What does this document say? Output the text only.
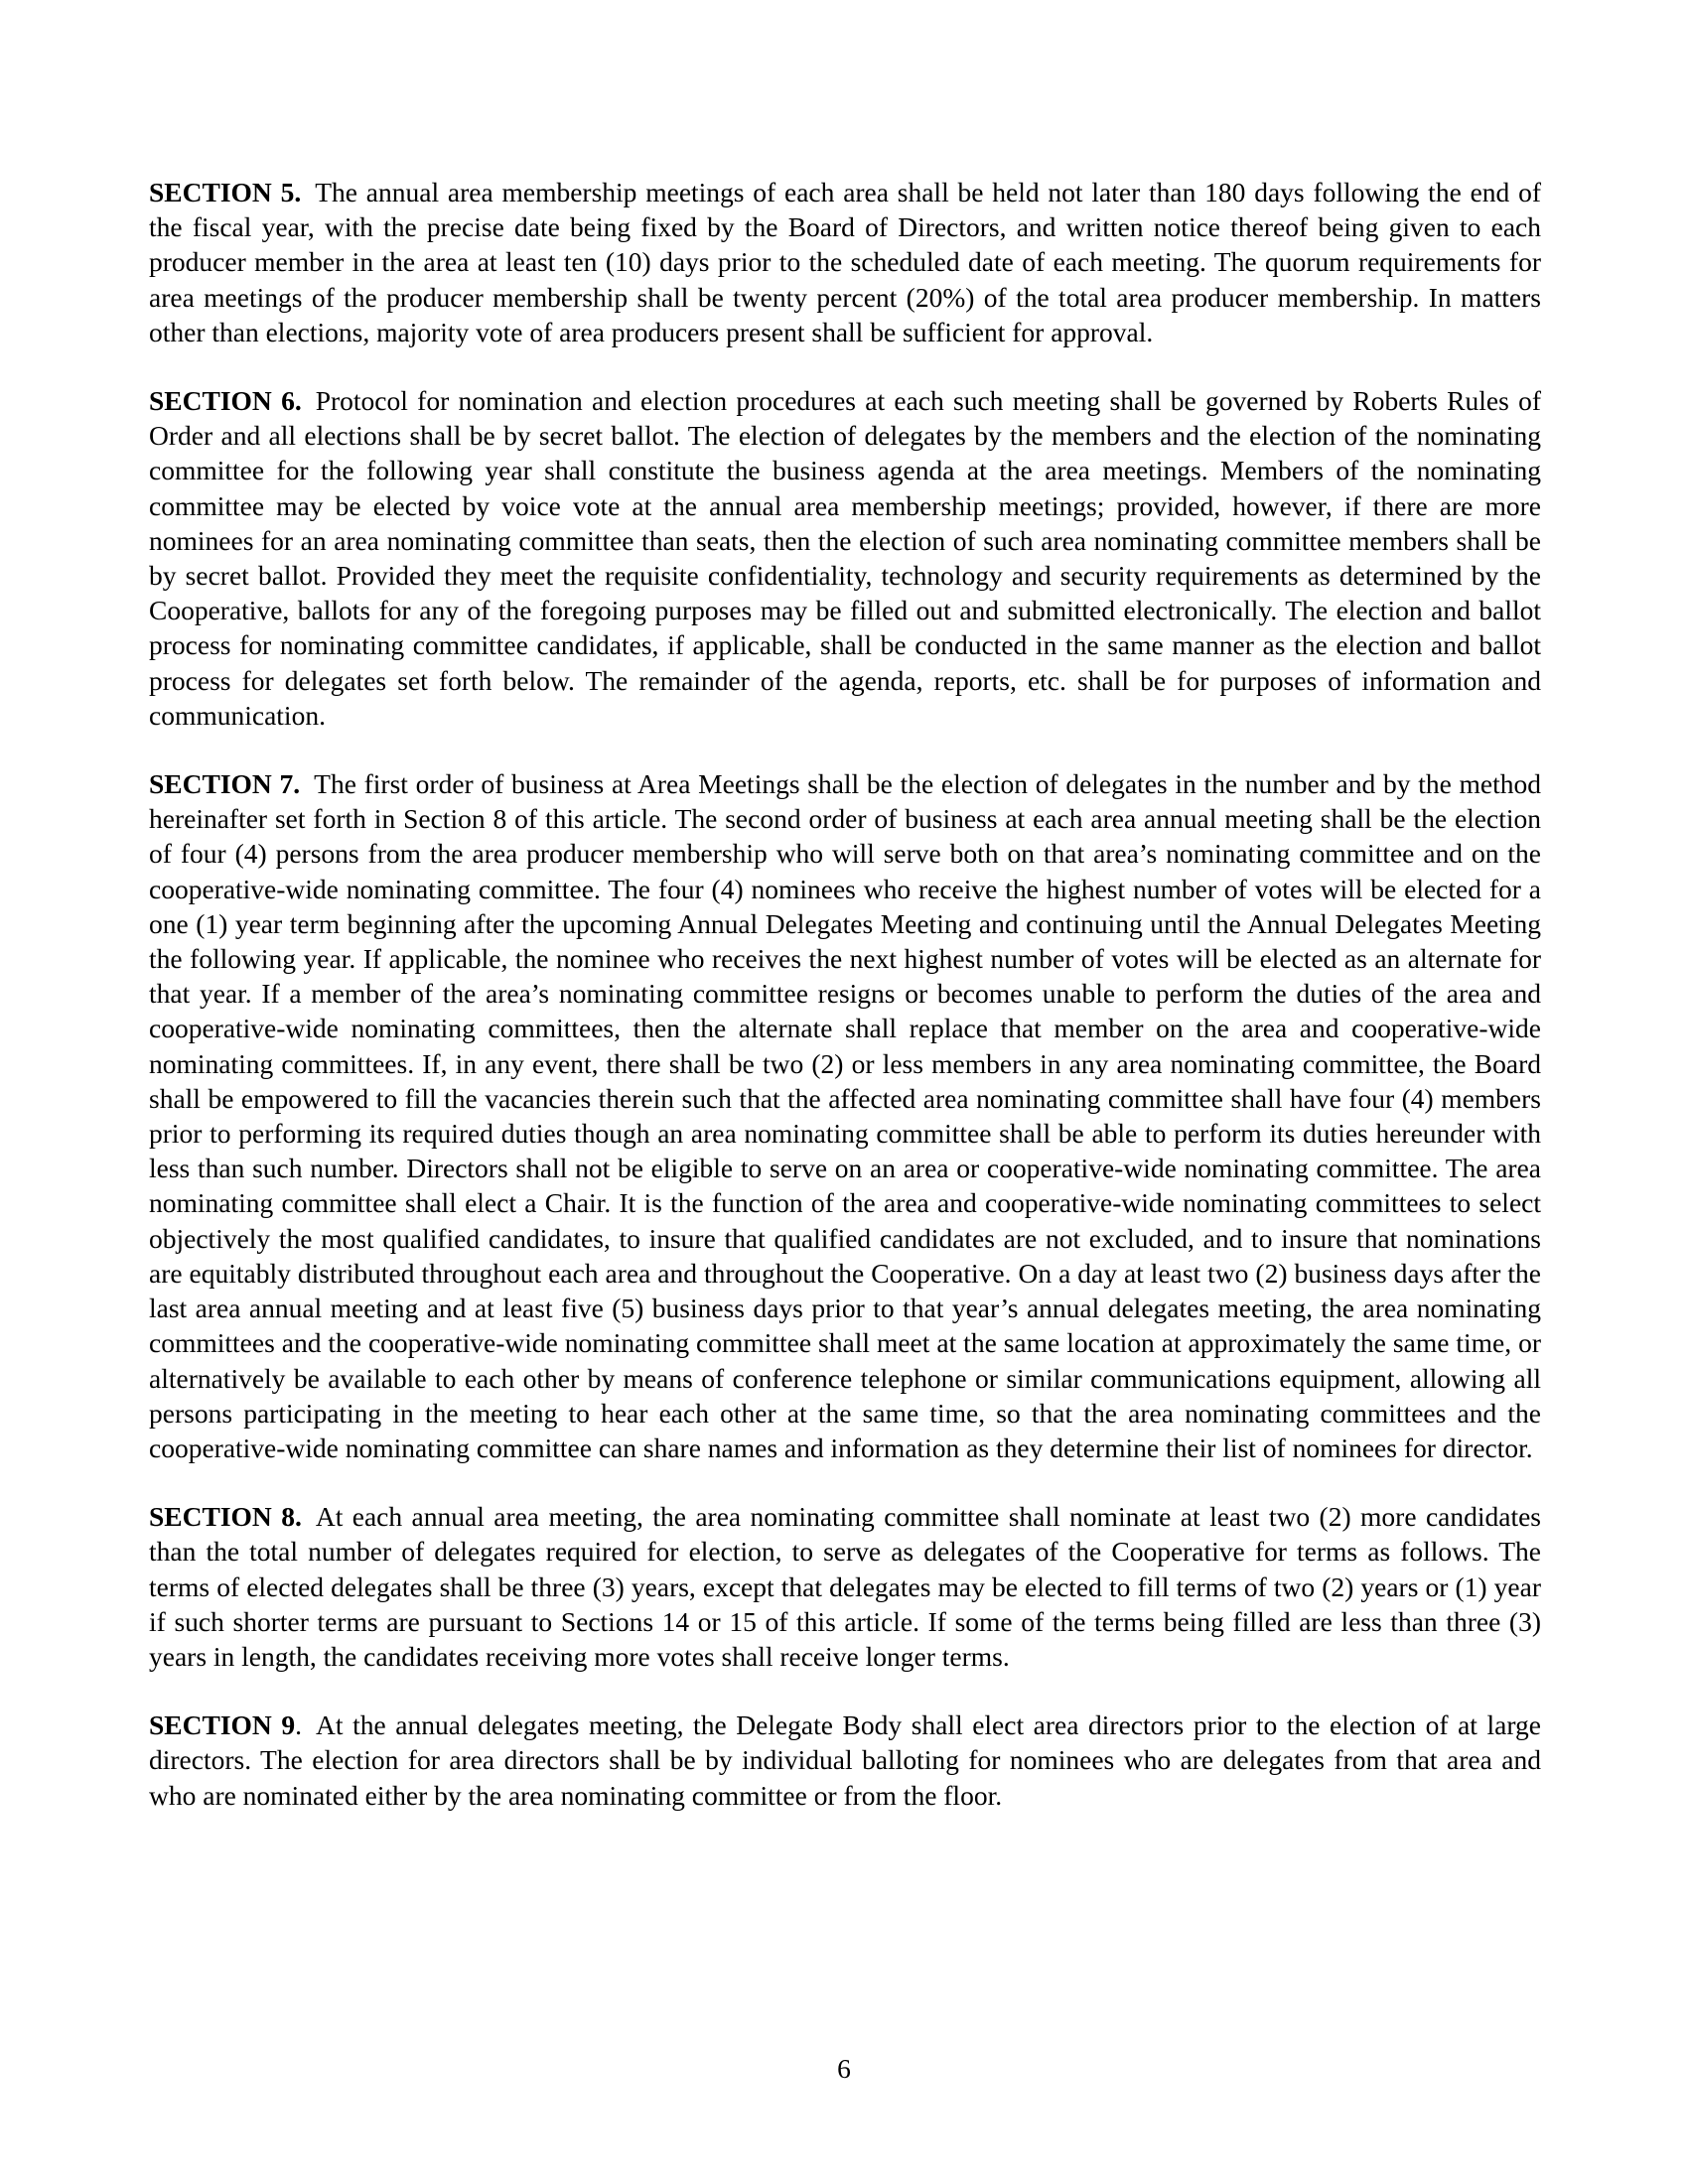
SECTION 5. The annual area membership meetings of each area shall be held not later than 180 days following the end of the fiscal year, with the precise date being fixed by the Board of Directors, and written notice thereof being given to each producer member in the area at least ten (10) days prior to the scheduled date of each meeting. The quorum requirements for area meetings of the producer membership shall be twenty percent (20%) of the total area producer membership. In matters other than elections, majority vote of area producers present shall be sufficient for approval.

SECTION 6. Protocol for nomination and election procedures at each such meeting shall be governed by Roberts Rules of Order and all elections shall be by secret ballot. The election of delegates by the members and the election of the nominating committee for the following year shall constitute the business agenda at the area meetings. Members of the nominating committee may be elected by voice vote at the annual area membership meetings; provided, however, if there are more nominees for an area nominating committee than seats, then the election of such area nominating committee members shall be by secret ballot. Provided they meet the requisite confidentiality, technology and security requirements as determined by the Cooperative, ballots for any of the foregoing purposes may be filled out and submitted electronically. The election and ballot process for nominating committee candidates, if applicable, shall be conducted in the same manner as the election and ballot process for delegates set forth below. The remainder of the agenda, reports, etc. shall be for purposes of information and communication.

SECTION 7. The first order of business at Area Meetings shall be the election of delegates in the number and by the method hereinafter set forth in Section 8 of this article. The second order of business at each area annual meeting shall be the election of four (4) persons from the area producer membership who will serve both on that area’s nominating committee and on the cooperative-wide nominating committee. The four (4) nominees who receive the highest number of votes will be elected for a one (1) year term beginning after the upcoming Annual Delegates Meeting and continuing until the Annual Delegates Meeting the following year. If applicable, the nominee who receives the next highest number of votes will be elected as an alternate for that year. If a member of the area’s nominating committee resigns or becomes unable to perform the duties of the area and cooperative-wide nominating committees, then the alternate shall replace that member on the area and cooperative-wide nominating committees. If, in any event, there shall be two (2) or less members in any area nominating committee, the Board shall be empowered to fill the vacancies therein such that the affected area nominating committee shall have four (4) members prior to performing its required duties though an area nominating committee shall be able to perform its duties hereunder with less than such number. Directors shall not be eligible to serve on an area or cooperative-wide nominating committee. The area nominating committee shall elect a Chair. It is the function of the area and cooperative-wide nominating committees to select objectively the most qualified candidates, to insure that qualified candidates are not excluded, and to insure that nominations are equitably distributed throughout each area and throughout the Cooperative. On a day at least two (2) business days after the last area annual meeting and at least five (5) business days prior to that year’s annual delegates meeting, the area nominating committees and the cooperative-wide nominating committee shall meet at the same location at approximately the same time, or alternatively be available to each other by means of conference telephone or similar communications equipment, allowing all persons participating in the meeting to hear each other at the same time, so that the area nominating committees and the cooperative-wide nominating committee can share names and information as they determine their list of nominees for director.

SECTION 8. At each annual area meeting, the area nominating committee shall nominate at least two (2) more candidates than the total number of delegates required for election, to serve as delegates of the Cooperative for terms as follows. The terms of elected delegates shall be three (3) years, except that delegates may be elected to fill terms of two (2) years or (1) year if such shorter terms are pursuant to Sections 14 or 15 of this article. If some of the terms being filled are less than three (3) years in length, the candidates receiving more votes shall receive longer terms.

SECTION 9. At the annual delegates meeting, the Delegate Body shall elect area directors prior to the election of at large directors. The election for area directors shall be by individual balloting for nominees who are delegates from that area and who are nominated either by the area nominating committee or from the floor.

6
